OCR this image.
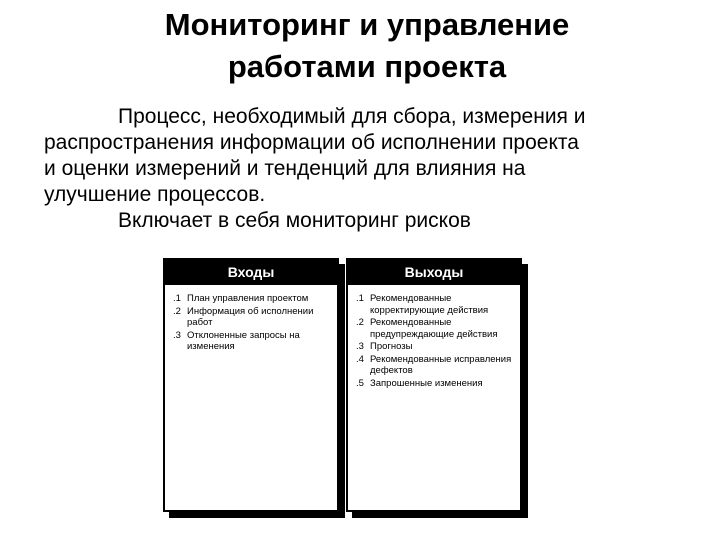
Мониторинг и управление
работами проекта

Процесс, необходимый для сбора, измерения и

распространения информации об исполнении проекта

и оценки измерений и тенденций для влияния на

улучшение процессов.

Включает в себя мониторинг рисков

Входы
.1 План управления проектом
.2 Информация об исполнении работ
.3 Отклоненные запросы на изменения
Выходы
.1 Рекомендованные корректирующие действия
.2 Рекомендованные предупреждающие действия
.3 Прогнозы
.4 Рекомендованные исправления дефектов
.5 Запрошенные изменения
